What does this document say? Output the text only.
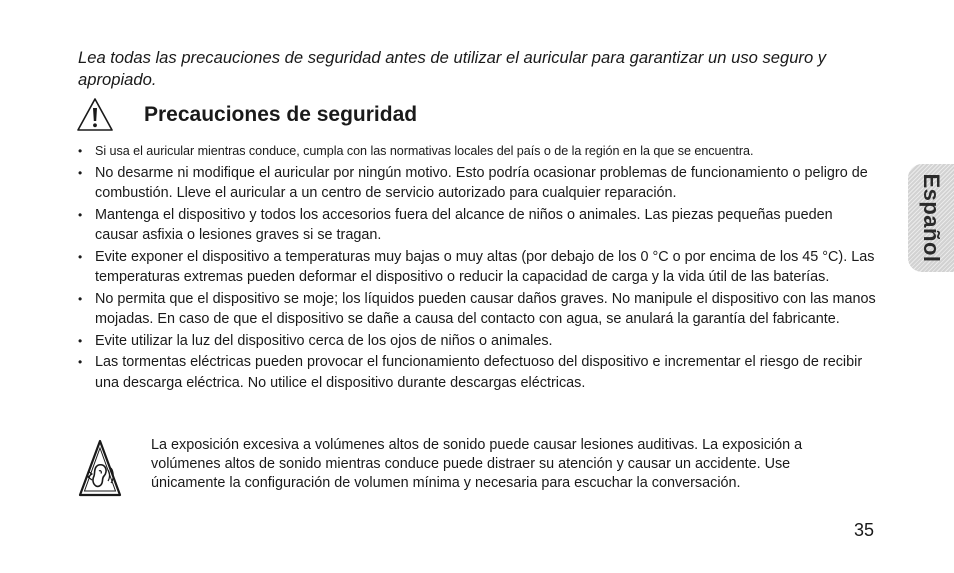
Lea todas las precauciones de seguridad antes de utilizar el auricular para garantizar un uso seguro y apropiado.

Precauciones de seguridad
• Si usa el auricular mientras conduce, cumpla con las normativas locales del país o de la región en la que se encuentra.
• No desarme ni modifique el auricular por ningún motivo. Esto podría ocasionar problemas de funcionamiento o peligro de combustión. Lleve el auricular a un centro de servicio autorizado para cualquier reparación.
• Mantenga el dispositivo y todos los accesorios fuera del alcance de niños o animales. Las piezas pequeñas pueden causar asfixia o lesiones graves si se tragan.
• Evite exponer el dispositivo a temperaturas muy bajas o muy altas (por debajo de los 0 °C o por encima de los 45 °C). Las temperaturas extremas pueden deformar el dispositivo o reducir la capacidad de carga y la vida útil de las baterías.
• No permita que el dispositivo se moje; los líquidos pueden causar daños graves. No manipule el dispositivo con las manos mojadas. En caso de que el dispositivo se dañe a causa del contacto con agua, se anulará la garantía del fabricante.
• Evite utilizar la luz del dispositivo cerca de los ojos de niños o animales.
• Las tormentas eléctricas pueden provocar el funcionamiento defectuoso del dispositivo e incrementar el riesgo de recibir una descarga eléctrica. No utilice el dispositivo durante descargas eléctricas.

La exposición excesiva a volúmenes altos de sonido puede causar lesiones auditivas. La exposición a volúmenes altos de sonido mientras conduce puede distraer su atención y causar un accidente. Use únicamente la configuración de volumen mínima y necesaria para escuchar la conversación.

Español
35
